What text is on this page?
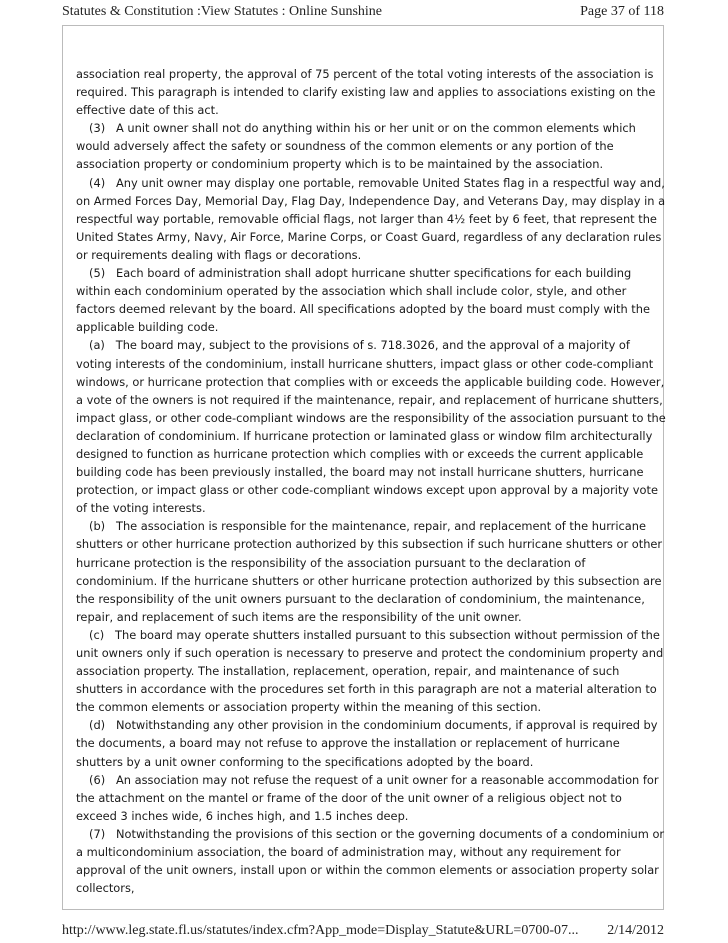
Statutes & Constitution :View Statutes : Online Sunshine	Page 37 of 118

association real property, the approval of 75 percent of the total voting interests of the association is required. This paragraph is intended to clarify existing law and applies to associations existing on the effective date of this act.

(3)   A unit owner shall not do anything within his or her unit or on the common elements which would adversely affect the safety or soundness of the common elements or any portion of the association property or condominium property which is to be maintained by the association.

(4)   Any unit owner may display one portable, removable United States flag in a respectful way and, on Armed Forces Day, Memorial Day, Flag Day, Independence Day, and Veterans Day, may display in a respectful way portable, removable official flags, not larger than 4½ feet by 6 feet, that represent the United States Army, Navy, Air Force, Marine Corps, or Coast Guard, regardless of any declaration rules or requirements dealing with flags or decorations.

(5)   Each board of administration shall adopt hurricane shutter specifications for each building within each condominium operated by the association which shall include color, style, and other factors deemed relevant by the board. All specifications adopted by the board must comply with the applicable building code.

(a)   The board may, subject to the provisions of s. 718.3026, and the approval of a majority of voting interests of the condominium, install hurricane shutters, impact glass or other code-compliant windows, or hurricane protection that complies with or exceeds the applicable building code. However, a vote of the owners is not required if the maintenance, repair, and replacement of hurricane shutters, impact glass, or other code-compliant windows are the responsibility of the association pursuant to the declaration of condominium. If hurricane protection or laminated glass or window film architecturally designed to function as hurricane protection which complies with or exceeds the current applicable building code has been previously installed, the board may not install hurricane shutters, hurricane protection, or impact glass or other code-compliant windows except upon approval by a majority vote of the voting interests.

(b)   The association is responsible for the maintenance, repair, and replacement of the hurricane shutters or other hurricane protection authorized by this subsection if such hurricane shutters or other hurricane protection is the responsibility of the association pursuant to the declaration of condominium. If the hurricane shutters or other hurricane protection authorized by this subsection are the responsibility of the unit owners pursuant to the declaration of condominium, the maintenance, repair, and replacement of such items are the responsibility of the unit owner.

(c)   The board may operate shutters installed pursuant to this subsection without permission of the unit owners only if such operation is necessary to preserve and protect the condominium property and association property. The installation, replacement, operation, repair, and maintenance of such shutters in accordance with the procedures set forth in this paragraph are not a material alteration to the common elements or association property within the meaning of this section.

(d)   Notwithstanding any other provision in the condominium documents, if approval is required by the documents, a board may not refuse to approve the installation or replacement of hurricane shutters by a unit owner conforming to the specifications adopted by the board.

(6)   An association may not refuse the request of a unit owner for a reasonable accommodation for the attachment on the mantel or frame of the door of the unit owner of a religious object not to exceed 3 inches wide, 6 inches high, and 1.5 inches deep.

(7)   Notwithstanding the provisions of this section or the governing documents of a condominium or a multicondominium association, the board of administration may, without any requirement for approval of the unit owners, install upon or within the common elements or association property solar collectors,

http://www.leg.state.fl.us/statutes/index.cfm?App_mode=Display_Statute&URL=0700-07... 2/14/2012
